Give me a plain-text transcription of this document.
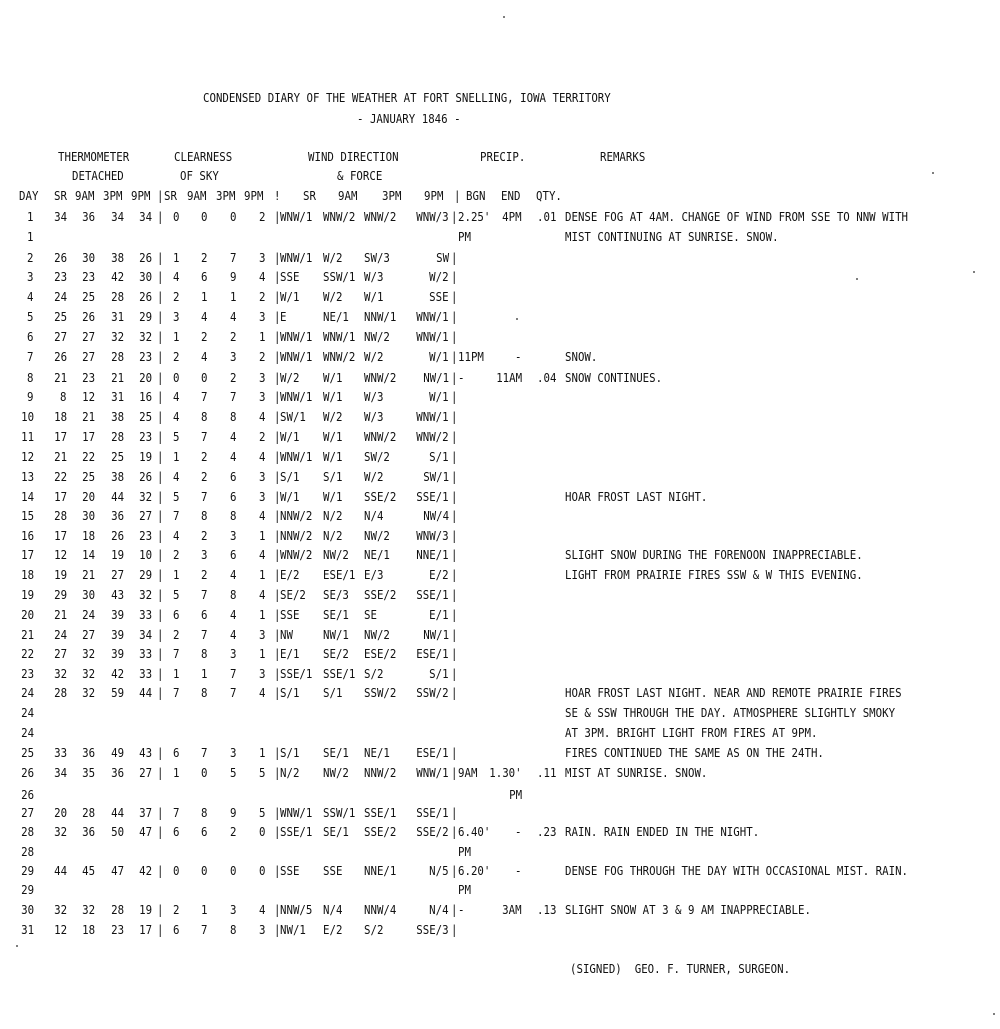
CONDENSED DIARY OF THE WEATHER AT FORT SNELLING, IOWA TERRITORY
- JANUARY 1846 -
THERMOMETER
DETACHED
CLEARNESS
OF SKY
WIND DIRECTION
& FORCE
PRECIP.	REMARKS
DAY SR 9AM 3PM 9PM SR 9AM 3PM 9PM	SR 9AM 3PM 9PM BGN END QTY.
|	!	|
1 34 36 34 34 | 0 0 0 2 | WNW/1 WNW/2 WNW/2 WNW/3 | 2.25' 4PM .01 DENSE FOG AT 4AM. CHANGE OF WIND FROM SSE TO NNW WITH
1	PM	MIST CONTINUING AT SUNRISE. SNOW.
2 26 30 38 26 | 1 2 7 3 | WNW/1 W/2 SW/3	SW |
3 23 23 42 30 | 4 6 9 4 | SSE SSW/1 W/3	W/2 |
4 24 25 28 26 | 2 1 1 2 | W/1 W/2 W/1	SSE |
5 25 26 31 29 | 3 4 4 3 | E	NE/1 NNW/1 WNW/1 |
6 27 27 32 32 | 1 2 2 1 | WNW/1 WNW/1 NW/2 WNW/1 |
7 26 27 28 23 | 2 4 3 2 | WNW/1 WNW/2 W/2	W/1 | 11PM	-	SNOW.
8 21 23 21 20 | 0 0 2 3 | W/2 W/1 WNW/2 NW/1 | -	11AM .04 SNOW CONTINUES.
9 8 12 31 16 | 4 7 7 3 | WNW/1 W/1 W/3	W/1 |
10 18 21 38 25 | 4 8 8 4 | SW/1 W/2 W/3	WNW/1 |
11 17 17 28 23 | 5 7 4 2 | W/1 W/1 WNW/2 WNW/2 |
12 21 22 25 19 | 1 2 4 4 | WNW/1 W/1 SW/2	S/1 |
13 22 25 38 26 | 4 2 6 3 | S/1 S/1 W/2	SW/1 |
14 17 20 44 32 | 5 7 6 3 | W/1 W/1 SSE/2 SSE/1 |	HOAR FROST LAST NIGHT.
15 28 30 36 27 | 7 8 8 4 | NNW/2 N/2 N/4	NW/4 |
16 17 18 26 23 | 4 2 3 1 | NNW/2 N/2 NW/2 WNW/3 |
17 12 14 19 10 | 2 3 6 4 | WNW/2 NW/2 NE/1 NNE/1 |	SLIGHT SNOW DURING THE FORENOON INAPPRECIABLE.
18 19 21 27 29 | 1 2 4 1 | E/2 ESE/1 E/3	E/2 |	LIGHT FROM PRAIRIE FIRES SSW & W THIS EVENING.
19 29 30 43 32 | 5 7 8 4 | SE/2 SE/3 SSE/2 SSE/1 |
20 21 24 39 33 | 6 6 4 1 | SSE SE/1 SE	E/1 |
21 24 27 39 34 | 2 7 4 3 | NW NW/1 NW/2	NW/1 |
22 27 32 39 33 | 7 8 3 1 | E/1 SE/2 ESE/2 ESE/1 |
23 32 32 42 33 | 1 1 7 3 | SSE/1 SSE/1 S/2	S/1 |
24 28 32 59 44 | 7 8 7 4 | S/1 S/1 SSW/2 SSW/2 |	HOAR FROST LAST NIGHT. NEAR AND REMOTE PRAIRIE FIRES
24	SE & SSW THROUGH THE DAY. ATMOSPHERE SLIGHTLY SMOKY
24	AT 3PM. BRIGHT LIGHT FROM FIRES AT 9PM.
25 33 36 49 43 | 6 7 3 1 | S/1 SE/1 NE/1 ESE/1 |	FIRES CONTINUED THE SAME AS ON THE 24TH.
26 34 35 36 27 | 1 0 5 5 | N/2 NW/2 NNW/2 WNW/1 | 9AM 1.30' .11 MIST AT SUNRISE. SNOW.
26	PM
27 20 28 44 37 | 7 8 9 5 | WNW/1 SSW/1 SSE/1 SSE/1 |
28 32 36 50 47 | 6 6 2 0 | SSE/1 SE/1 SSE/2 SSE/2 | 6.40' - .23 RAIN. RAIN ENDED IN THE NIGHT.
28	PM
29 44 45 47 42 | 0 0 0 0 | SSE SSE NNE/1	N/5 | 6.20' -	DENSE FOG THROUGH THE DAY WITH OCCASIONAL MIST. RAIN.
29	PM
30 32 32 28 19 | 2 1 3 4 | NNW/5 N/4 NNW/4	N/4 | -	3AM .13 SLIGHT SNOW AT 3 & 9 AM INAPPRECIABLE.
31 12 18 23 17 | 6 7 8 3 | NW/1 E/2 S/2	SSE/3 |
(SIGNED)  GEO. F. TURNER, SURGEON.
